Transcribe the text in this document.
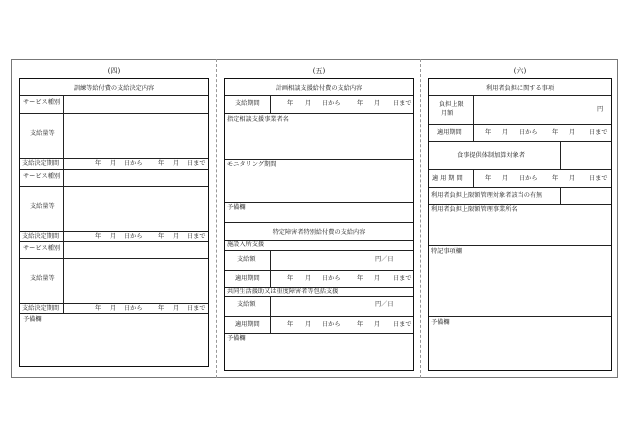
(四)
訓練等給付費の支給決定内容
サービス種別
支給量等
支給決定期間	年 月 日から 年 月 日まで
サービス種別
支給量等
支給決定期間	年 月 日から 年 月 日まで
サービス種別
支給量等
支給決定期間	年 月 日から 年 月 日まで
予備欄
(五)
計画相談支援給付費の支給内容
支給期間	年 月 日から	年 月 日まで
指定相談支援事業者名
モニタリング期間
予備欄
特定障害者特別給付費の支給内容
施設入所支援
支給額	円／日
適用期間	年 月 日から	年 月 日まで
共同生活援助又は重度障害者等包括支援
支給額	円／日
適用期間	年 月 日から	年 月 日まで
予備欄
(六)
利用者負担に関する事項
負担上限
月額
円
適用期間	年 月 日から 年 月 日まで
食事提供体制加算対象者
適 用 期 間	年 月 日から 年 月 日まで
利用者負担上限額管理対象者該当の有無
利用者負担上限額管理事業所名
特記事項欄
予備欄
